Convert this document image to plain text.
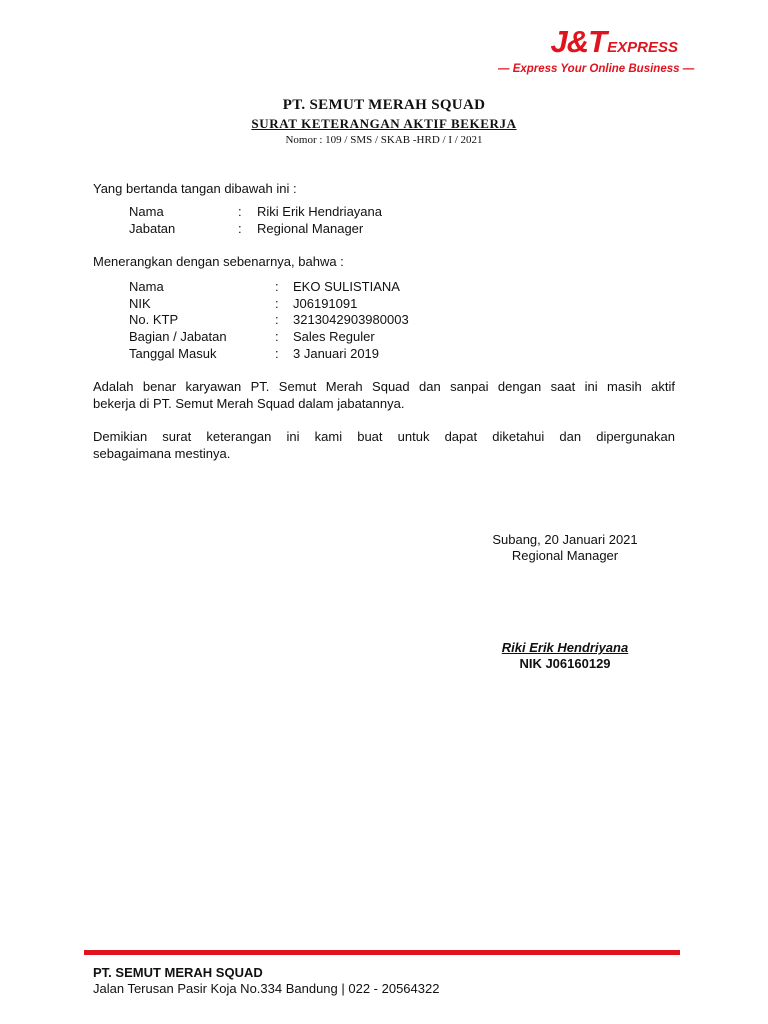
J&TEXPRESS
— Express Your Online Business —
PT. SEMUT MERAH SQUAD
SURAT KETERANGAN AKTIF BEKERJA
Nomor : 109 / SMS / SKAB -HRD / I / 2021
Yang bertanda tangan dibawah ini :
Nama	: Riki Erik Hendriayana
Jabatan	: Regional Manager
Menerangkan dengan sebenarnya, bahwa :
Nama	: EKO SULISTIANA
NIK	: J06191091
No. KTP	: 3213042903980003
Bagian / Jabatan	: Sales Reguler
Tanggal Masuk	: 3 Januari 2019
Adalah benar karyawan PT. Semut Merah Squad dan sanpai dengan saat ini masih aktif
bekerja di PT. Semut Merah Squad dalam jabatannya.
Demikian surat keterangan ini kami buat untuk dapat diketahui dan dipergunakan
sebagaimana mestinya.
Subang, 20 Januari 2021
Regional Manager
Riki Erik Hendriyana
NIK J06160129
PT. SEMUT MERAH SQUAD
Jalan Terusan Pasir Koja No.334 Bandung | 022 - 20564322
